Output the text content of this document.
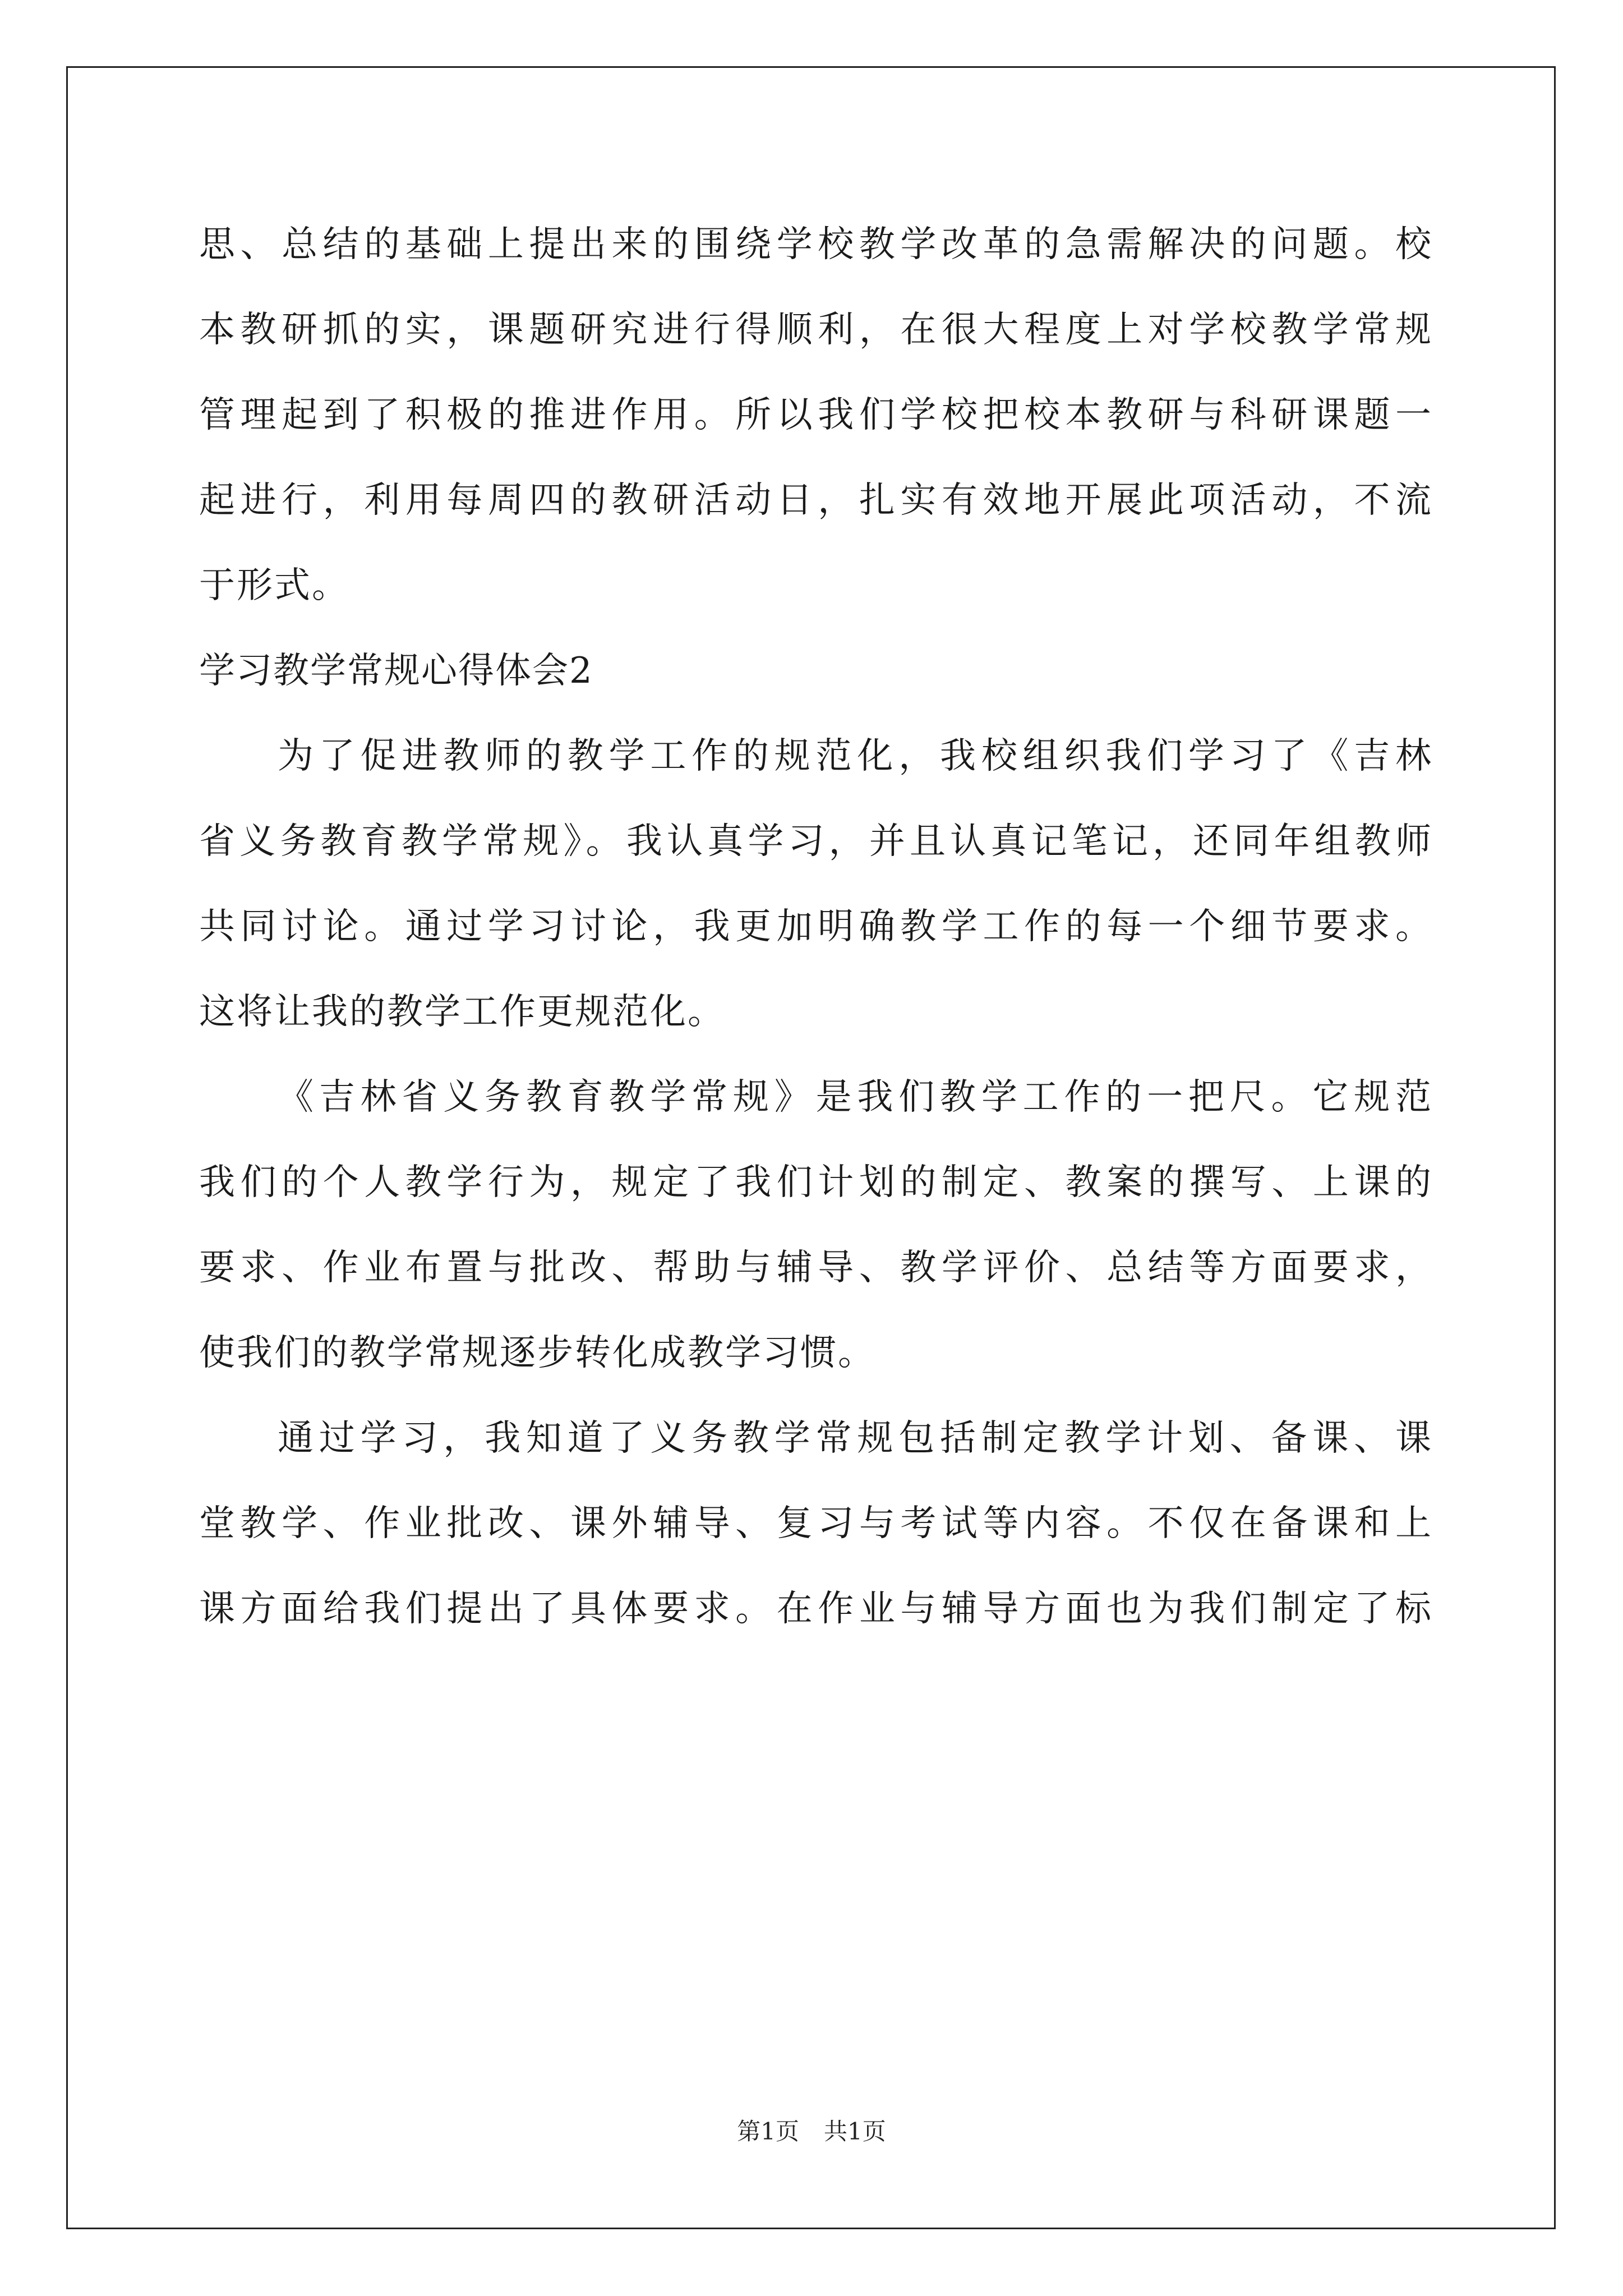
思、总结的基础上提出来的围绕学校教学改革的急需解决的问题。校
本教研抓的实，课题研究进行得顺利，在很大程度上对学校教学常规
管理起到了积极的推进作用。所以我们学校把校本教研与科研课题一
起进行，利用每周四的教研活动日，扎实有效地开展此项活动，不流
于形式。
学习教学常规心得体会2
为了促进教师的教学工作的规范化，我校组织我们学习了《吉林
省义务教育教学常规》。我认真学习，并且认真记笔记，还同年组教师
共同讨论。通过学习讨论，我更加明确教学工作的每一个细节要求。
这将让我的教学工作更规范化。
《吉林省义务教育教学常规》是我们教学工作的一把尺。它规范
我们的个人教学行为，规定了我们计划的制定、教案的撰写、上课的
要求、作业布置与批改、帮助与辅导、教学评价、总结等方面要求，
使我们的教学常规逐步转化成教学习惯。
通过学习，我知道了义务教学常规包括制定教学计划、备课、课
堂教学、作业批改、课外辅导、复习与考试等内容。不仅在备课和上
课方面给我们提出了具体要求。在作业与辅导方面也为我们制定了标
第1页 共1页
